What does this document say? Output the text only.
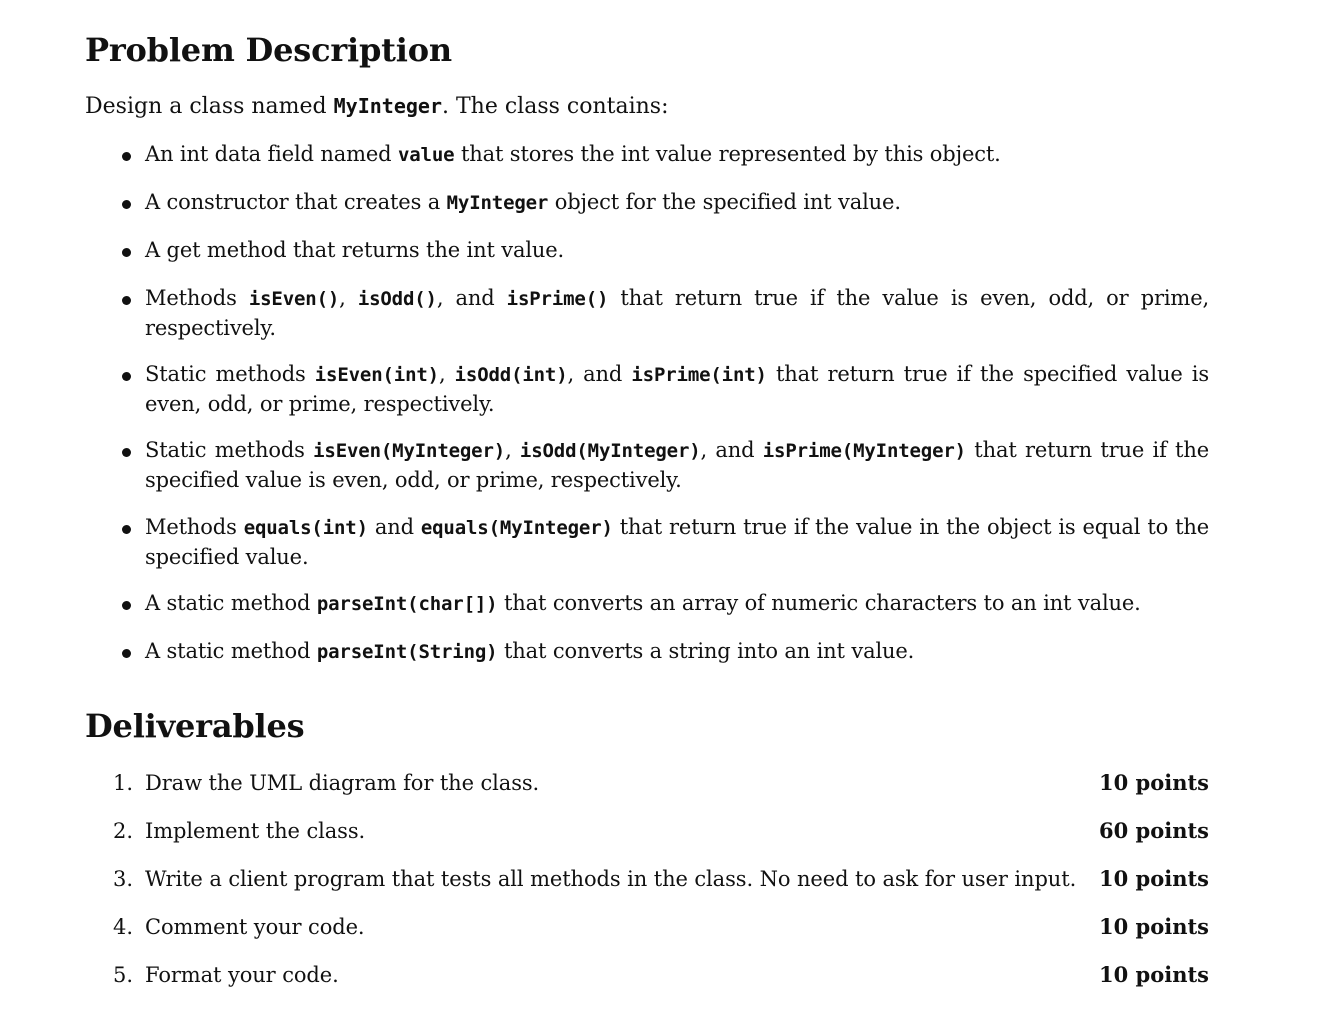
Problem Description
Design a class named MyInteger. The class contains:
An int data field named value that stores the int value represented by this object.
A constructor that creates a MyInteger object for the specified int value.
A get method that returns the int value.
Methods isEven(), isOdd(), and isPrime() that return true if the value is even, odd, or prime, respectively.
Static methods isEven(int), isOdd(int), and isPrime(int) that return true if the specified value is even, odd, or prime, respectively.
Static methods isEven(MyInteger), isOdd(MyInteger), and isPrime(MyInteger) that return true if the specified value is even, odd, or prime, respectively.
Methods equals(int) and equals(MyInteger) that return true if the value in the object is equal to the specified value.
A static method parseInt(char[]) that converts an array of numeric characters to an int value.
A static method parseInt(String) that converts a string into an int value.
Deliverables
1. Draw the UML diagram for the class.	10 points
2. Implement the class.	60 points
3. Write a client program that tests all methods in the class. No need to ask for user input. 10 points
4. Comment your code.	10 points
5. Format your code.	10 points
